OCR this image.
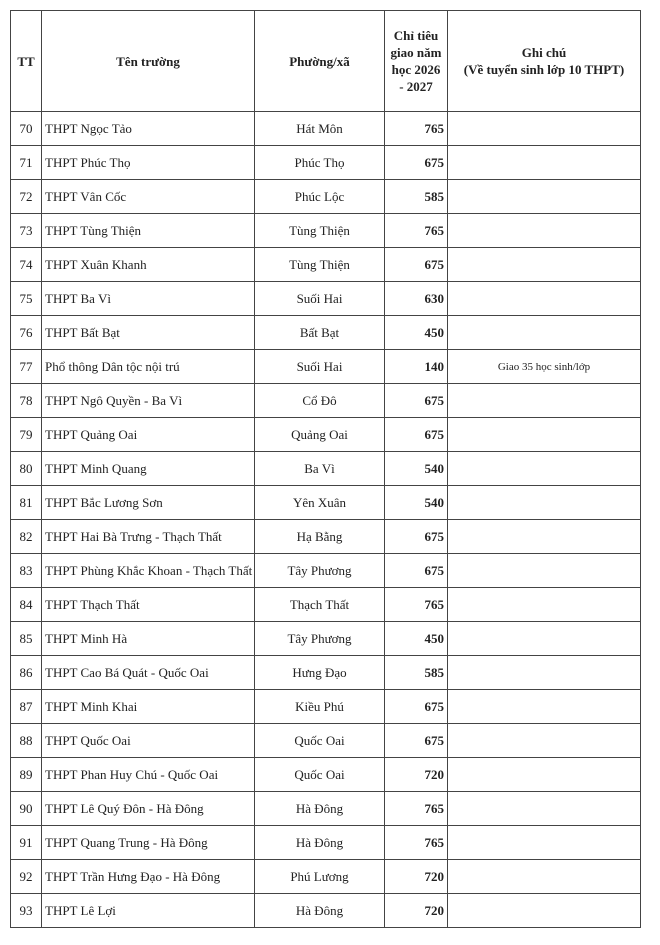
TT	Tên trường	Phường/xã	Chỉ tiêu giao năm học 2026 - 2027	Ghi chú
(Về tuyển sinh lớp 10 THPT)
70	THPT Ngọc Tảo	Hát Môn	765	
71	THPT Phúc Thọ	Phúc Thọ	675	
72	THPT Vân Cốc	Phúc Lộc	585	
73	THPT Tùng Thiện	Tùng Thiện	765	
74	THPT Xuân Khanh	Tùng Thiện	675	
75	THPT Ba Vì	Suối Hai	630	
76	THPT Bất Bạt	Bất Bạt	450	
77	Phổ thông Dân tộc nội trú	Suối Hai	140	Giao 35 học sinh/lớp
78	THPT Ngô Quyền - Ba Vì	Cổ Đô	675	
79	THPT Quảng Oai	Quảng Oai	675	
80	THPT Minh Quang	Ba Vì	540	
81	THPT Bắc Lương Sơn	Yên Xuân	540	
82	THPT Hai Bà Trưng - Thạch Thất	Hạ Bằng	675	
83	THPT Phùng Khắc Khoan - Thạch Thất	Tây Phương	675	
84	THPT Thạch Thất	Thạch Thất	765	
85	THPT Minh Hà	Tây Phương	450	
86	THPT Cao Bá Quát - Quốc Oai	Hưng Đạo	585	
87	THPT Minh Khai	Kiều Phú	675	
88	THPT Quốc Oai	Quốc Oai	675	
89	THPT Phan Huy Chú - Quốc Oai	Quốc Oai	720	
90	THPT Lê Quý Đôn - Hà Đông	Hà Đông	765	
91	THPT Quang Trung - Hà Đông	Hà Đông	765	
92	THPT Trần Hưng Đạo - Hà Đông	Phú Lương	720	
93	THPT Lê Lợi	Hà Đông	720	
